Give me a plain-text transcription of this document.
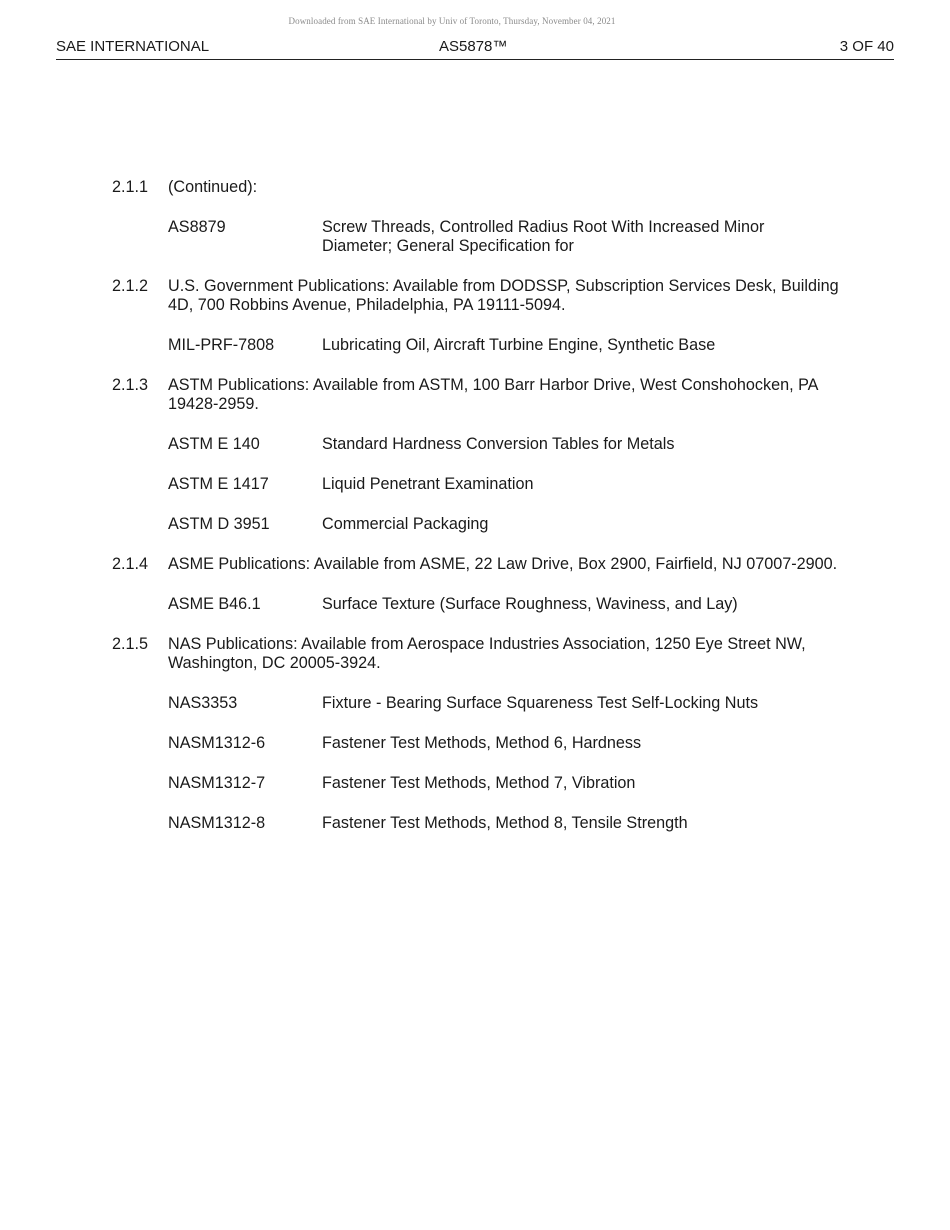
Downloaded from SAE International by Univ of Toronto, Thursday, November 04, 2021
SAE INTERNATIONAL	AS5878™	3 OF 40
2.1.1	(Continued):
AS8879	Screw Threads, Controlled Radius Root With Increased Minor Diameter; General Specification for
2.1.2	U.S. Government Publications: Available from DODSSP, Subscription Services Desk, Building 4D, 700 Robbins Avenue, Philadelphia, PA 19111-5094.
MIL-PRF-7808	Lubricating Oil, Aircraft Turbine Engine, Synthetic Base
2.1.3	ASTM Publications: Available from ASTM, 100 Barr Harbor Drive, West Conshohocken, PA 19428-2959.
ASTM E 140	Standard Hardness Conversion Tables for Metals
ASTM E 1417	Liquid Penetrant Examination
ASTM D 3951	Commercial Packaging
2.1.4	ASME Publications: Available from ASME, 22 Law Drive, Box 2900, Fairfield, NJ 07007-2900.
ASME B46.1	Surface Texture (Surface Roughness, Waviness, and Lay)
2.1.5	NAS Publications: Available from Aerospace Industries Association, 1250 Eye Street NW, Washington, DC 20005-3924.
NAS3353	Fixture - Bearing Surface Squareness Test Self-Locking Nuts
NASM1312-6	Fastener Test Methods, Method 6, Hardness
NASM1312-7	Fastener Test Methods, Method 7, Vibration
NASM1312-8	Fastener Test Methods, Method 8, Tensile Strength
